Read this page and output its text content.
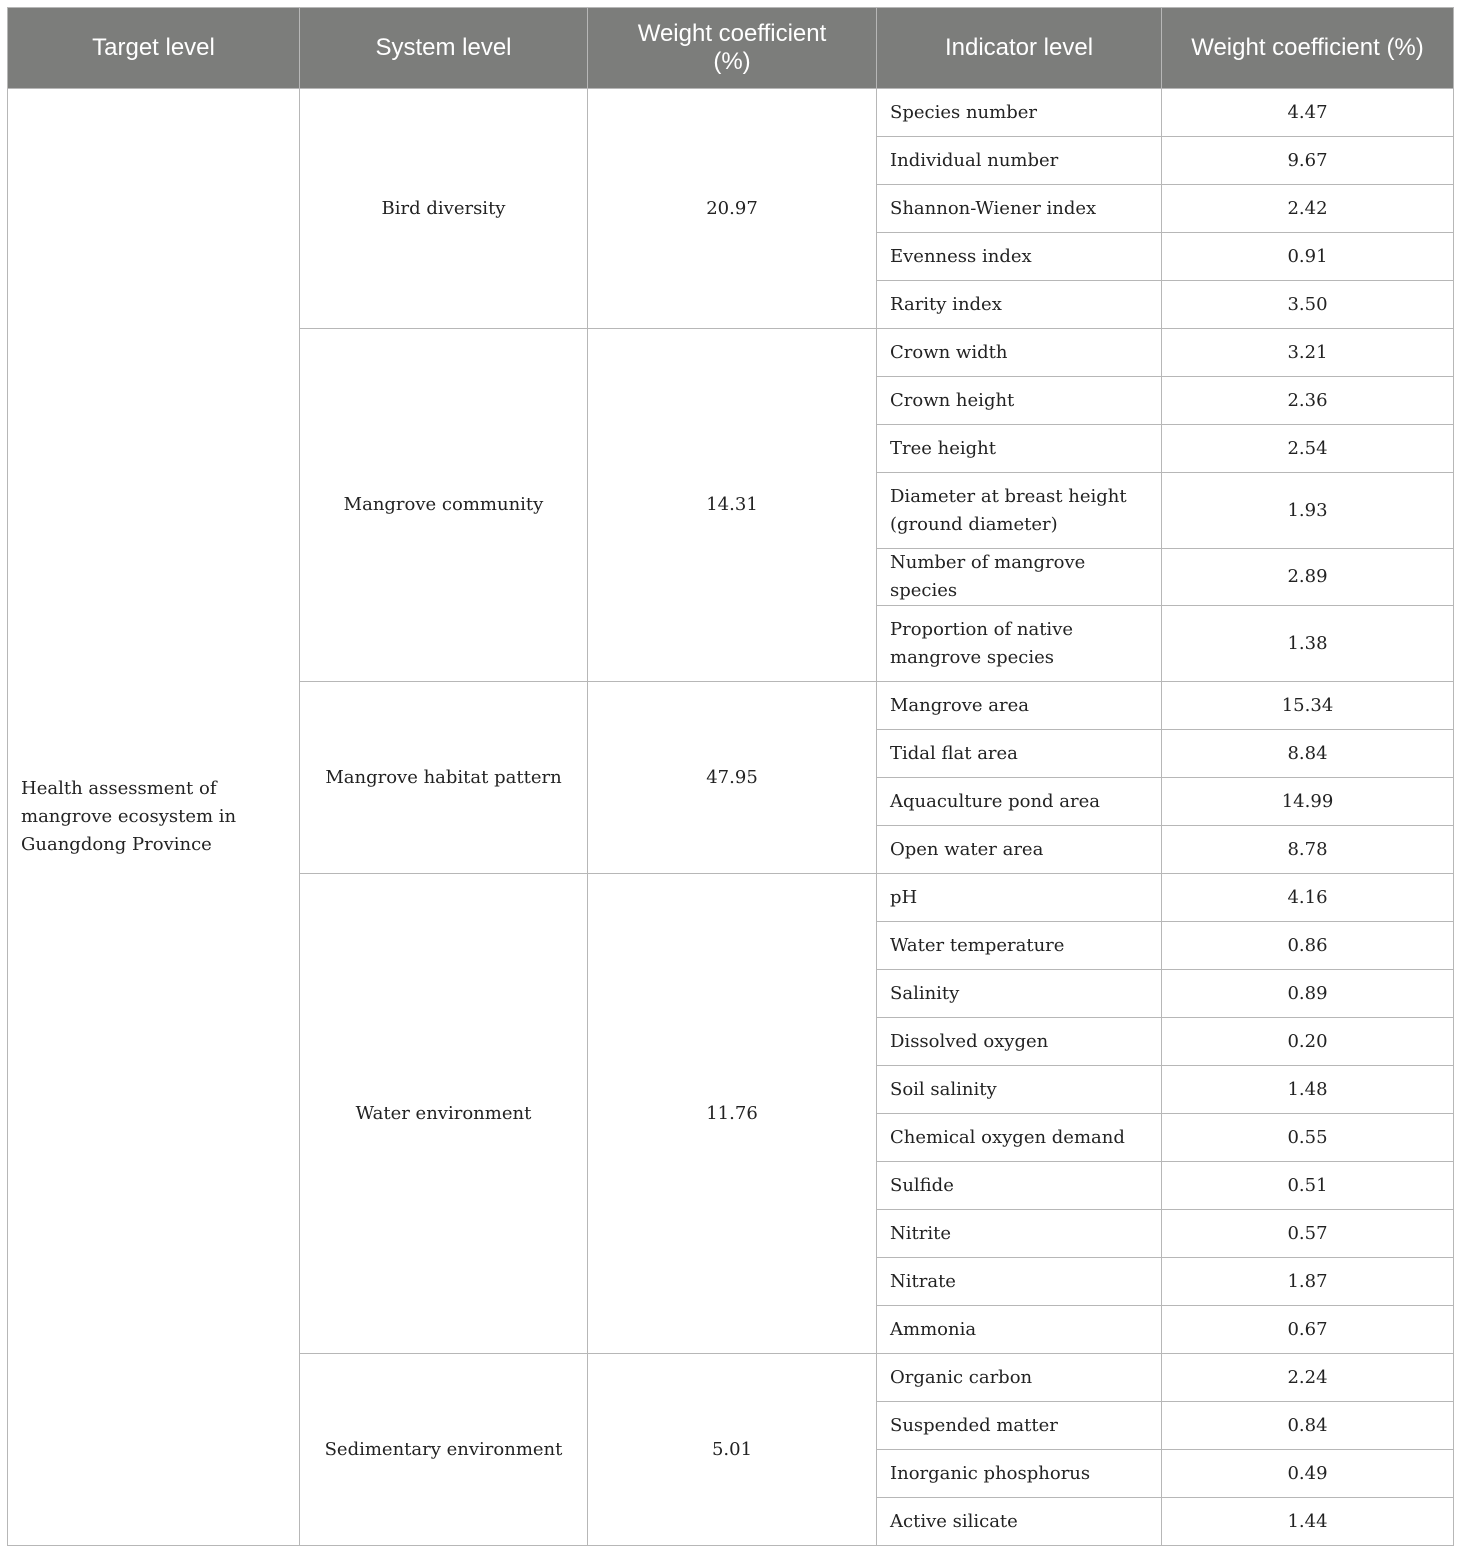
Target level	System level	Weight coefficient (%)	Indicator level	Weight coefficient (%)
Health assessment of mangrove ecosystem in Guangdong Province	Bird diversity	20.97	Species number	4.47
			Individual number	9.67
			Shannon-Wiener index	2.42
			Evenness index	0.91
			Rarity index	3.50
	Mangrove community	14.31	Crown width	3.21
			Crown height	2.36
			Tree height	2.54
			Diameter at breast height (ground diameter)	1.93
			Number of mangrove species	2.89
			Proportion of native mangrove species	1.38
	Mangrove habitat pattern	47.95	Mangrove area	15.34
			Tidal flat area	8.84
			Aquaculture pond area	14.99
			Open water area	8.78
	Water environment	11.76	pH	4.16
			Water temperature	0.86
			Salinity	0.89
			Dissolved oxygen	0.20
			Soil salinity	1.48
			Chemical oxygen demand	0.55
			Sulfide	0.51
			Nitrite	0.57
			Nitrate	1.87
			Ammonia	0.67
	Sedimentary environment	5.01	Organic carbon	2.24
			Suspended matter	0.84
			Inorganic phosphorus	0.49
			Active silicate	1.44
